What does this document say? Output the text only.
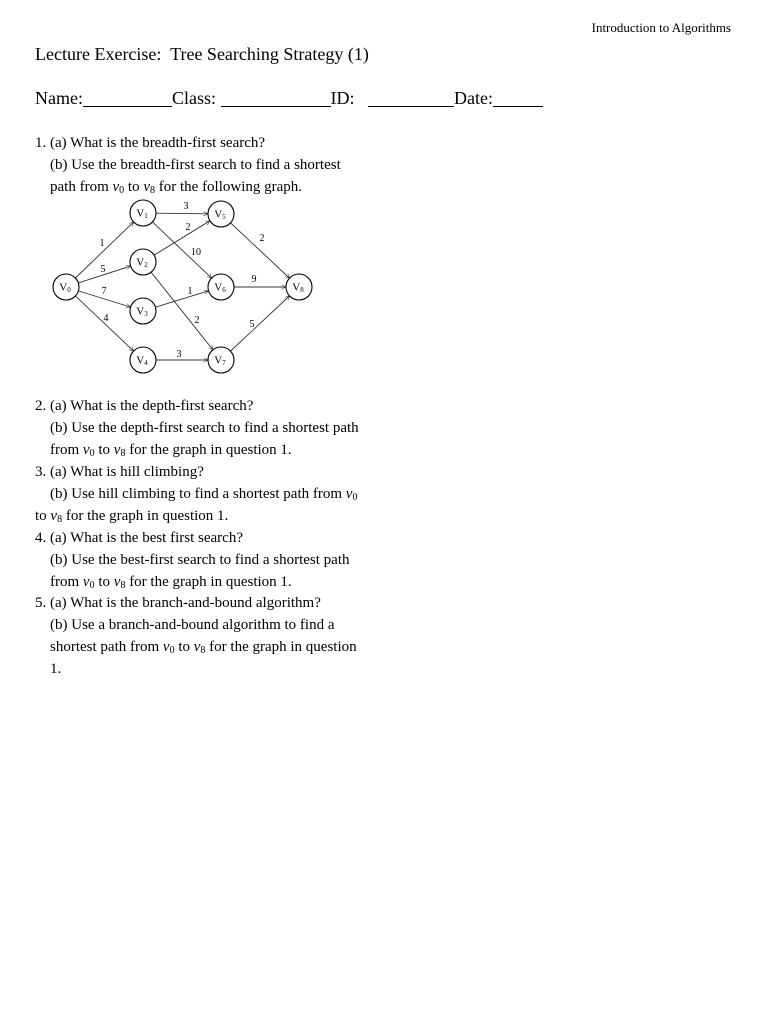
Introduction to Algorithms
Lecture Exercise:  Tree Searching Strategy (1)
Name:	Class:	ID:	Date:
1. (a) What is the breadth-first search?
(b) Use the breadth-first search to find a shortest
path from $v_0$ to $v_8$ for the following graph.
1
5
7
4
3
10
2
2
1
3
2
9
5
V0
V1
V2
V3
V4
V5
V6
V7
V8
2. (a) What is the depth-first search?
(b) Use the depth-first search to find a shortest path
from $v_0$ to $v_8$ for the graph in question 1.
3. (a) What is hill climbing?
(b) Use hill climbing to find a shortest path from $v_0$
to $v_8$ for the graph in question 1.
4. (a) What is the best first search?
(b) Use the best-first search to find a shortest path
from $v_0$ to $v_8$ for the graph in question 1.
5. (a) What is the branch-and-bound algorithm?
(b) Use a branch-and-bound algorithm to find a
shortest path from $v_0$ to $v_8$ for the graph in question
1.
